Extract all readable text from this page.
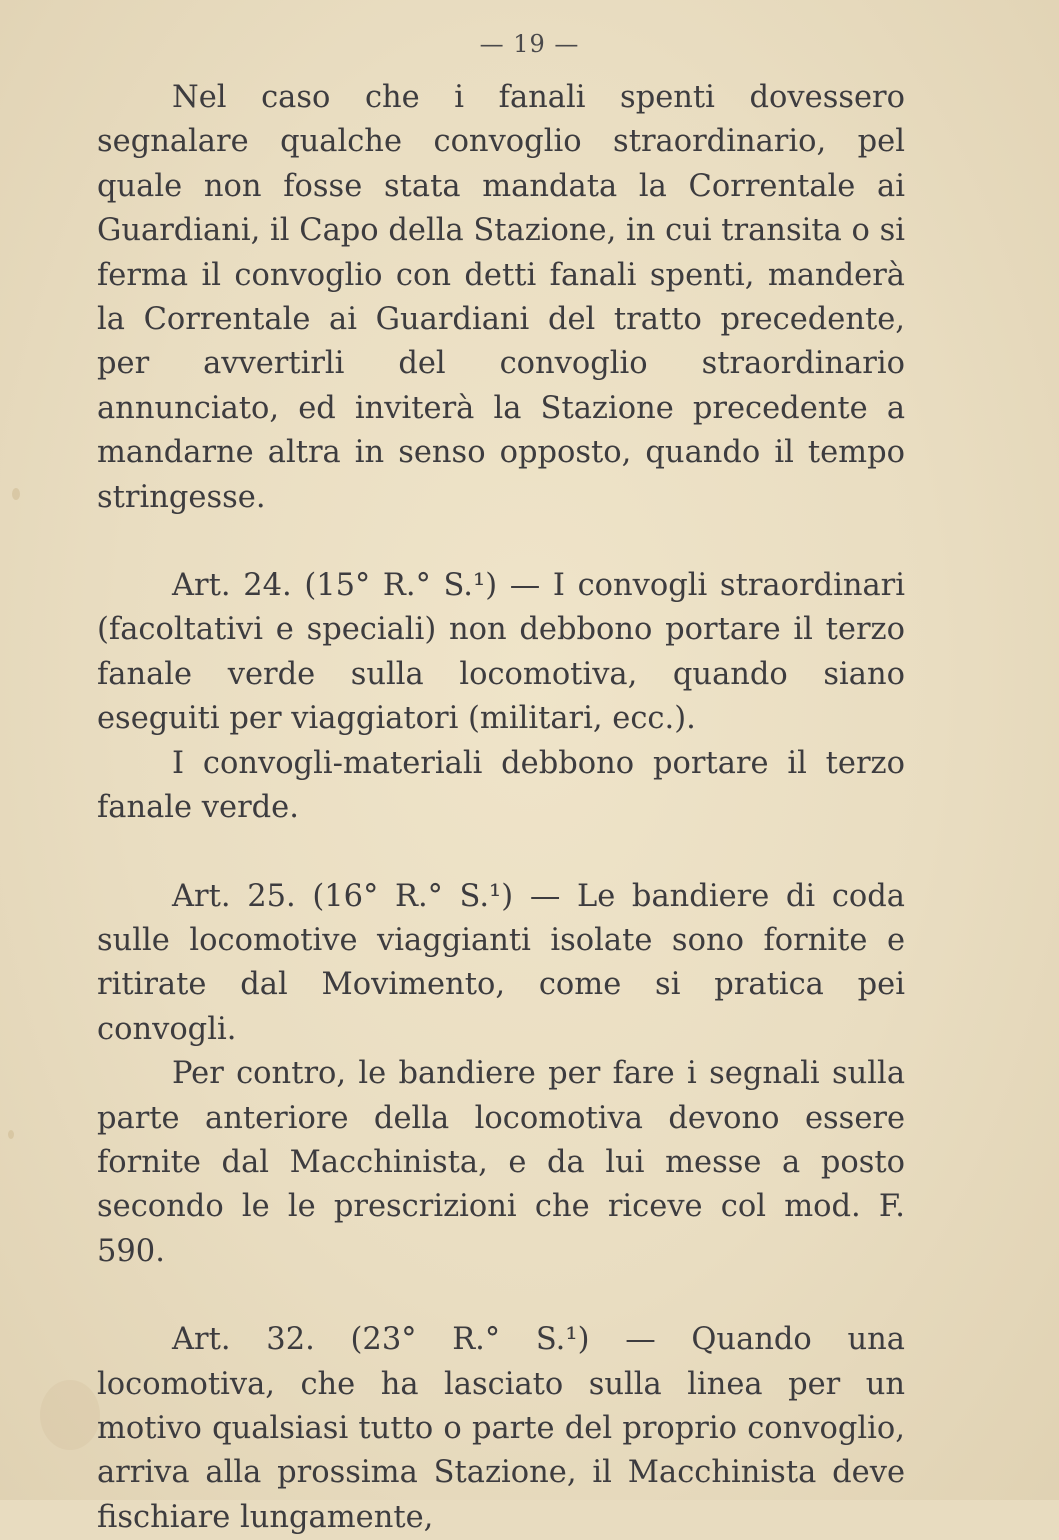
— 19 —

Nel caso che i fanali spenti dovessero segnalare qualche convoglio straordinario, pel quale non fosse stata mandata la Correntale ai Guardiani, il Capo della Stazione, in cui transita o si ferma il convoglio con detti fanali spenti, manderà la Correntale ai Guardiani del tratto precedente, per avvertirli del convoglio straordinario annunciato, ed inviterà la Stazione precedente a mandarne altra in senso opposto, quando il tempo stringesse.

Art. 24. (15° R.° S.¹) — I convogli straordinari (facoltativi e speciali) non debbono portare il terzo fanale verde sulla locomotiva, quando siano eseguiti per viaggiatori (militari, ecc.).

I convogli-materiali debbono portare il terzo fanale verde.

Art. 25. (16° R.° S.¹) — Le bandiere di coda sulle locomotive viaggianti isolate sono fornite e ritirate dal Movimento, come si pratica pei convogli.

Per contro, le bandiere per fare i segnali sulla parte anteriore della locomotiva devono essere fornite dal Macchinista, e da lui messe a posto secondo le le prescrizioni che riceve col mod. F. 590.

Art. 32. (23° R.° S.¹) — Quando una locomotiva, che ha lasciato sulla linea per un motivo qualsiasi tutto o parte del proprio convoglio, arriva alla prossima Stazione, il Macchinista deve fischiare lungamente,
